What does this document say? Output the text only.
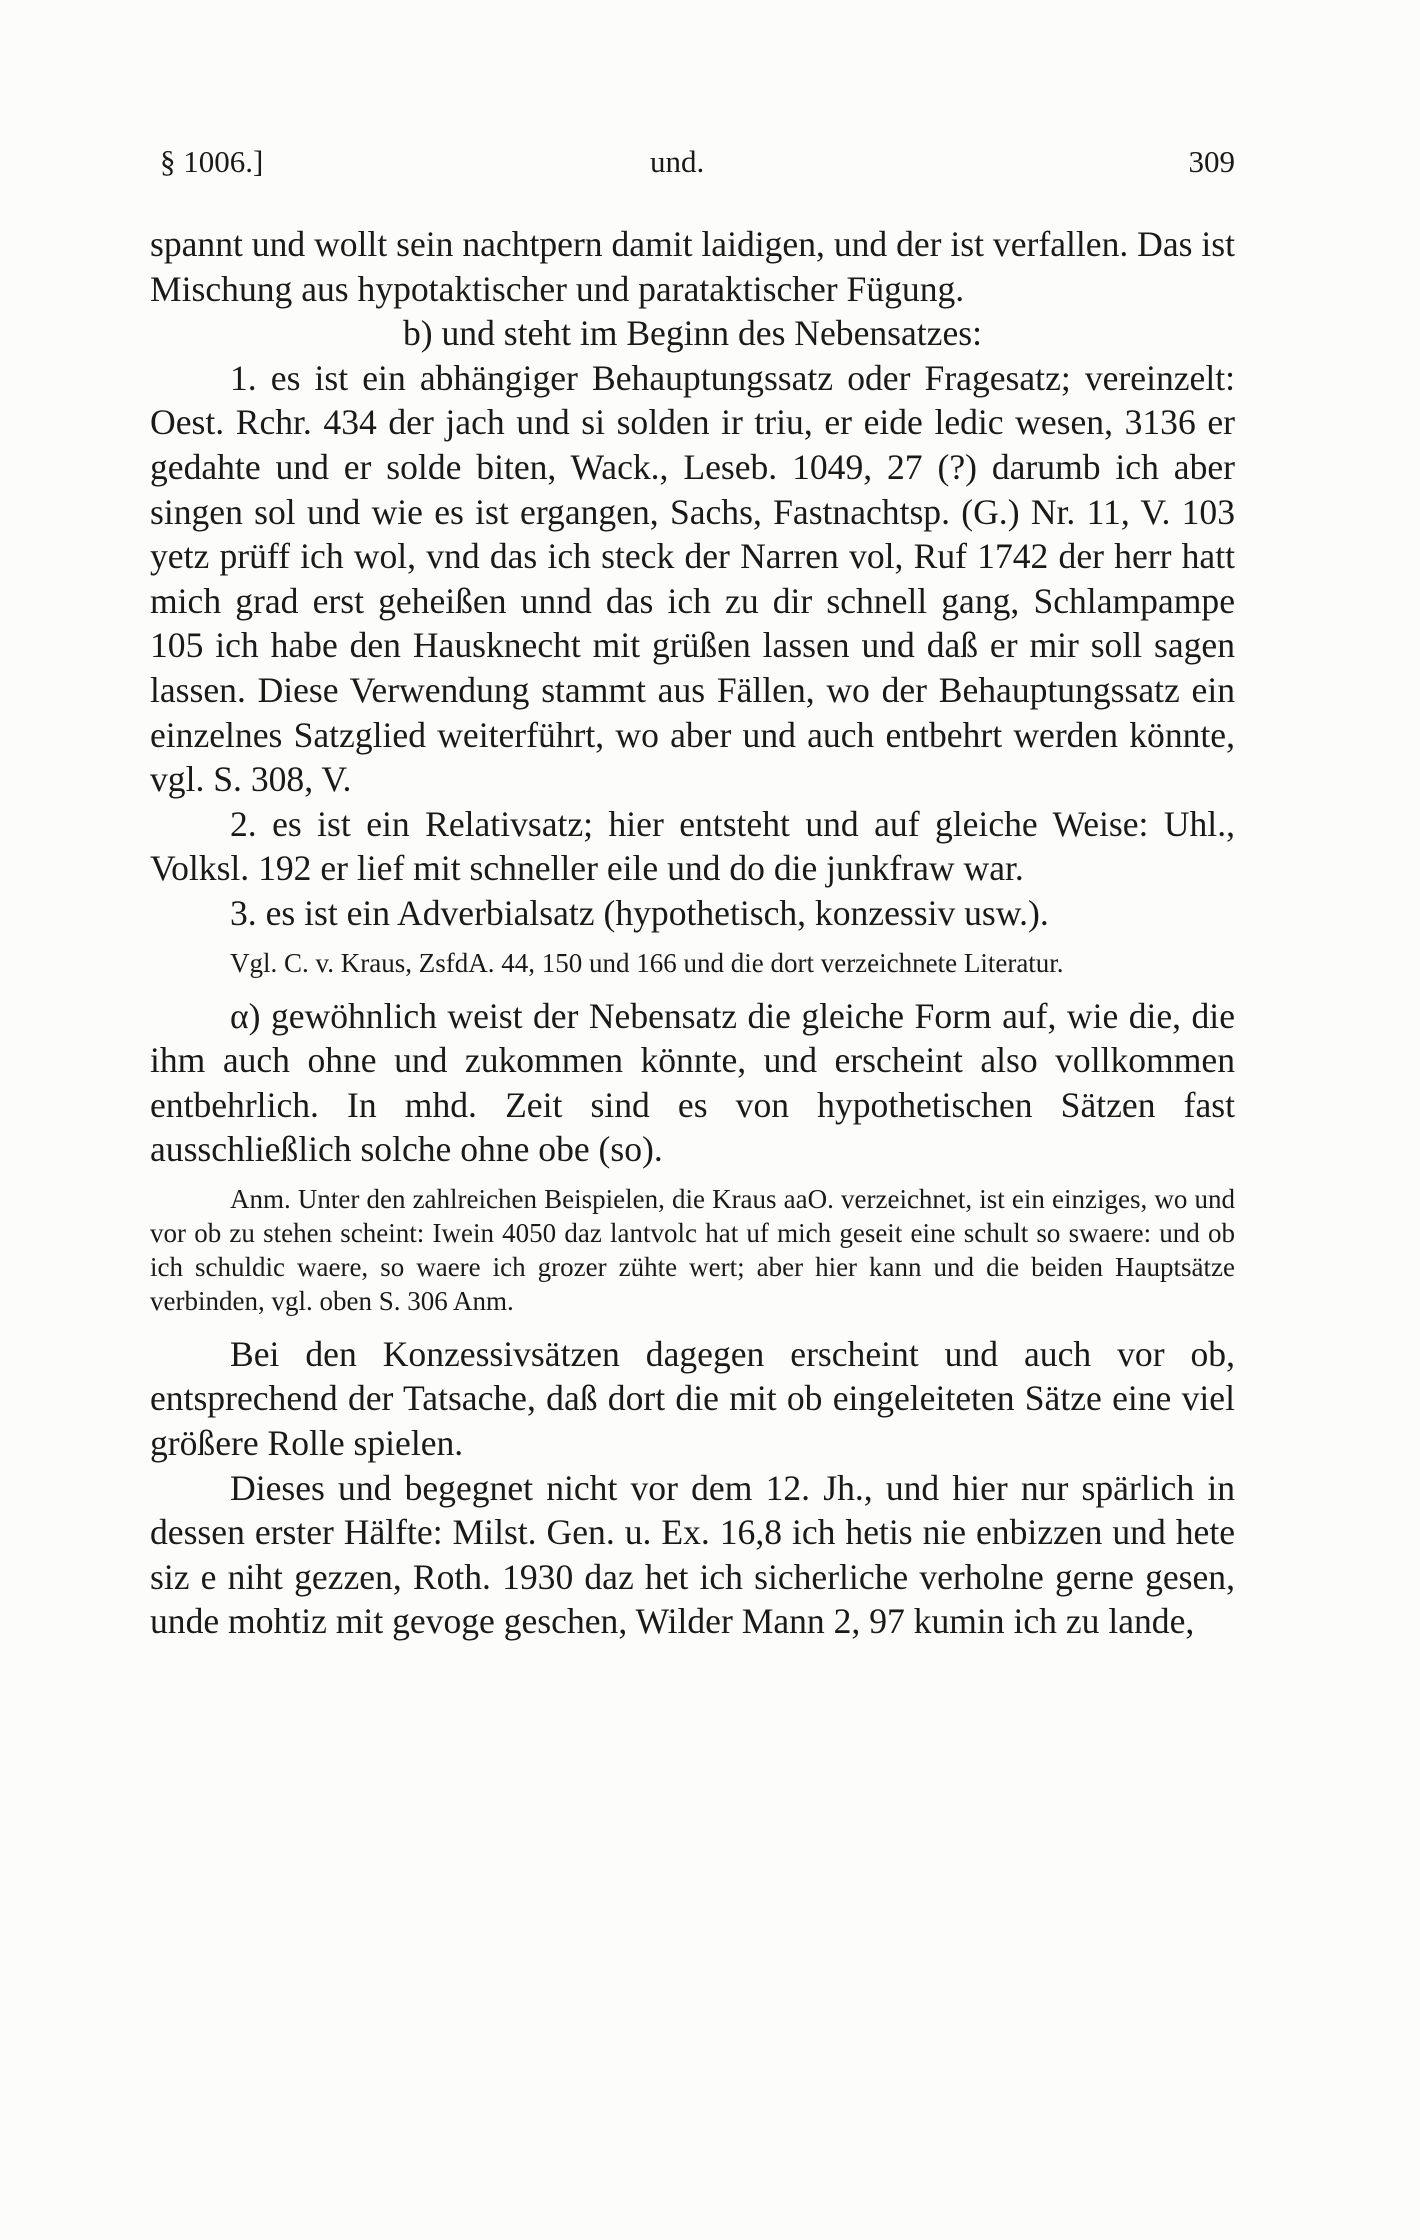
§ 1006.]	und.	309

spannt und wollt sein nachtpern damit laidigen, und der ist verfallen. Das ist Mischung aus hypotaktischer und parataktischer Fügung.

b) und steht im Beginn des Nebensatzes:

1. es ist ein abhängiger Behauptungssatz oder Fragesatz; vereinzelt: Oest. Rchr. 434 der jach und si solden ir triu, er eide ledic wesen, 3136 er gedahte und er solde biten, Wack., Leseb. 1049, 27 (?) darumb ich aber singen sol und wie es ist ergangen, Sachs, Fastnachtsp. (G.) Nr. 11, V. 103 yetz prüff ich wol, vnd das ich steck der Narren vol, Ruf 1742 der herr hatt mich grad erst geheißen unnd das ich zu dir schnell gang, Schlampampe 105 ich habe den Hausknecht mit grüßen lassen und daß er mir soll sagen lassen. Diese Verwendung stammt aus Fällen, wo der Behauptungssatz ein einzelnes Satzglied weiterführt, wo aber und auch entbehrt werden könnte, vgl. S. 308, V.

2. es ist ein Relativsatz; hier entsteht und auf gleiche Weise: Uhl., Volksl. 192 er lief mit schneller eile und do die junkfraw war.

3. es ist ein Adverbialsatz (hypothetisch, konzessiv usw.).

Vgl. C. v. Kraus, ZsfdA. 44, 150 und 166 und die dort verzeichnete Literatur.

α) gewöhnlich weist der Nebensatz die gleiche Form auf, wie die, die ihm auch ohne und zukommen könnte, und erscheint also vollkommen entbehrlich. In mhd. Zeit sind es von hypothetischen Sätzen fast ausschließlich solche ohne obe (so).

Anm. Unter den zahlreichen Beispielen, die Kraus aaO. verzeichnet, ist ein einziges, wo und vor ob zu stehen scheint: Iwein 4050 daz lantvolc hat uf mich geseit eine schult so swaere: und ob ich schuldic waere, so waere ich grozer zühte wert; aber hier kann und die beiden Hauptsätze verbinden, vgl. oben S. 306 Anm.

Bei den Konzessivsätzen dagegen erscheint und auch vor ob, entsprechend der Tatsache, daß dort die mit ob eingeleiteten Sätze eine viel größere Rolle spielen.

Dieses und begegnet nicht vor dem 12. Jh., und hier nur spärlich in dessen erster Hälfte: Milst. Gen. u. Ex. 16,8 ich hetis nie enbizzen und hete siz e niht gezzen, Roth. 1930 daz het ich sicherliche verholne gerne gesen, unde mohtiz mit gevoge geschen, Wilder Mann 2, 97 kumin ich zu lande,
